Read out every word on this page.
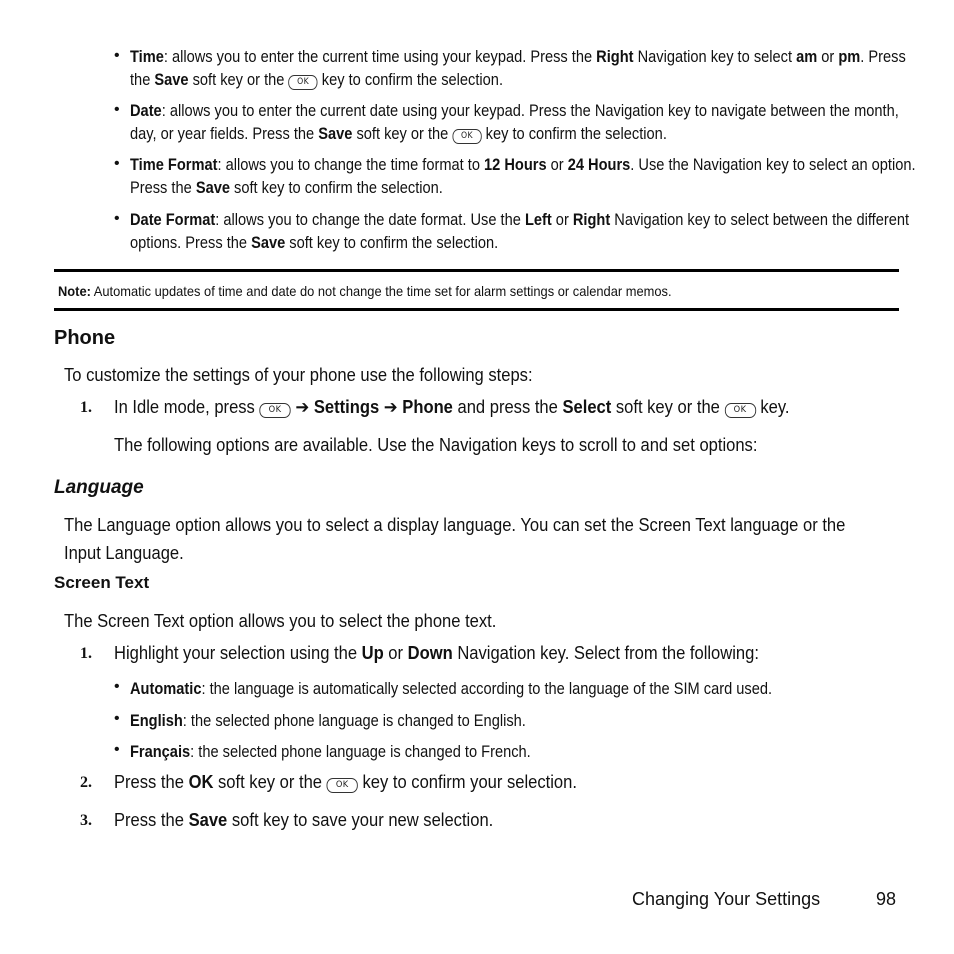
• Time: allows you to enter the current time using your keypad. Press the Right Navigation key to select am or pm. Press
the Save soft key or the OK key to confirm the selection.
• Date: allows you to enter the current date using your keypad. Press the Navigation key to navigate between the month,
day, or year fields. Press the Save soft key or the OK key to confirm the selection.
• Time Format: allows you to change the time format to 12 Hours or 24 Hours. Use the Navigation key to select an option.
Press the Save soft key to confirm the selection.
• Date Format: allows you to change the date format. Use the Left or Right Navigation key to select between the different
options. Press the Save soft key to confirm the selection.
Note: Automatic updates of time and date do not change the time set for alarm settings or calendar memos.
Phone
To customize the settings of your phone use the following steps:
1. In Idle mode, press OK ➔ Settings ➔ Phone and press the Select soft key or the OK key.
The following options are available. Use the Navigation keys to scroll to and set options:
Language
The Language option allows you to select a display language. You can set the Screen Text language or the
Input Language.
Screen Text
The Screen Text option allows you to select the phone text.
1. Highlight your selection using the Up or Down Navigation key. Select from the following:
• Automatic: the language is automatically selected according to the language of the SIM card used.
• English: the selected phone language is changed to English.
• Français: the selected phone language is changed to French.
2. Press the OK soft key or the OK key to confirm your selection.
3. Press the Save soft key to save your new selection.
Changing Your Settings	98
